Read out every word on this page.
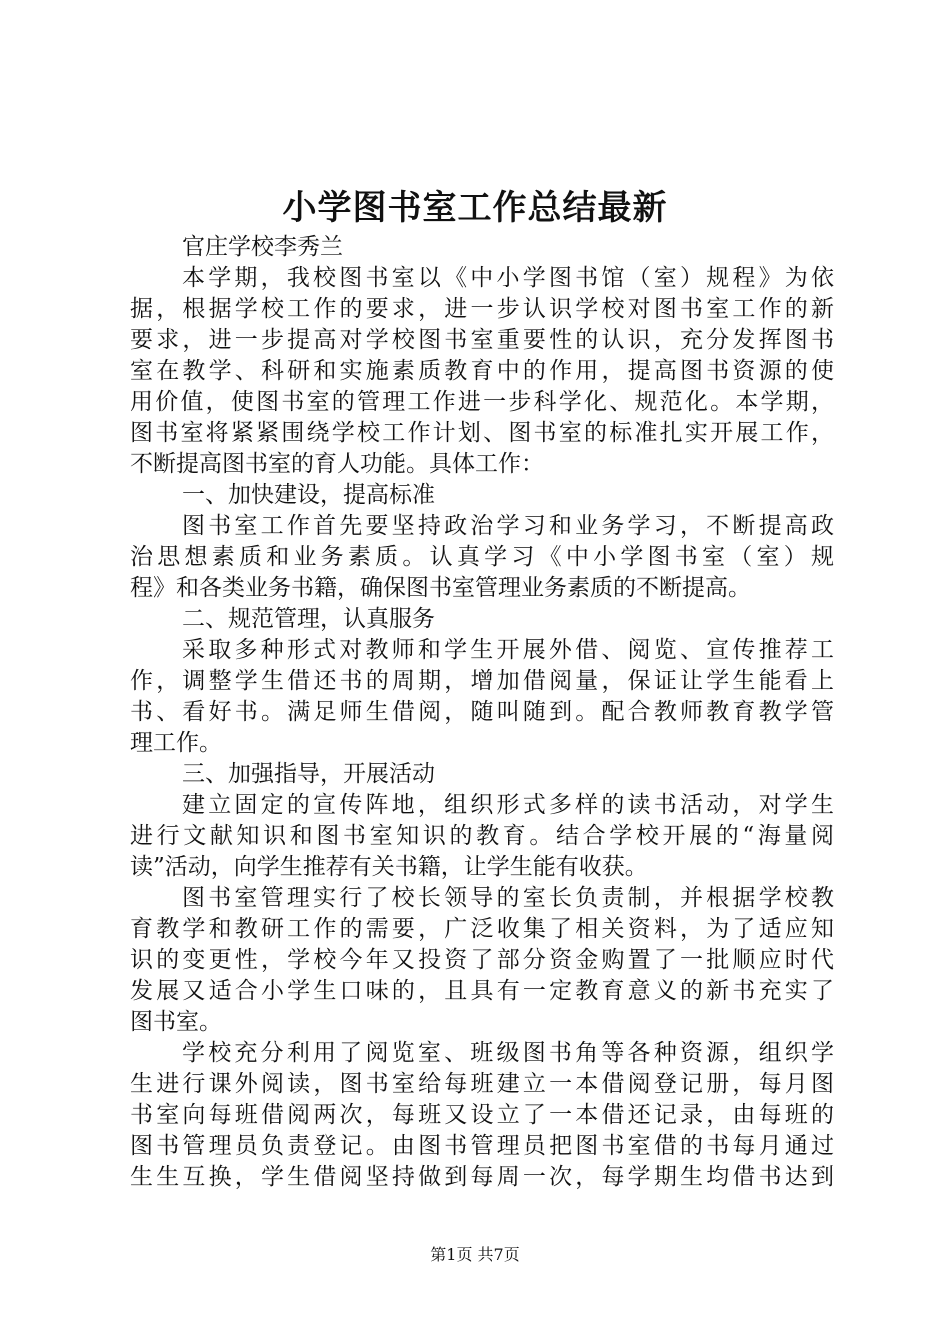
小学图书室工作总结最新
官庄学校李秀兰
本学期，我校图书室以《中小学图书馆（室）规程》为依
据，根据学校工作的要求，进一步认识学校对图书室工作的新
要求，进一步提高对学校图书室重要性的认识，充分发挥图书
室在教学、科研和实施素质教育中的作用，提高图书资源的使
用价值，使图书室的管理工作进一步科学化、规范化。本学期，
图书室将紧紧围绕学校工作计划、图书室的标准扎实开展工作，
不断提高图书室的育人功能。具体工作：
一、加快建设，提高标准
图书室工作首先要坚持政治学习和业务学习，不断提高政
治思想素质和业务素质。认真学习《中小学图书室（室）规
程》和各类业务书籍，确保图书室管理业务素质的不断提高。
二、规范管理，认真服务
采取多种形式对教师和学生开展外借、阅览、宣传推荐工
作，调整学生借还书的周期，增加借阅量，保证让学生能看上
书、看好书。满足师生借阅，随叫随到。配合教师教育教学管
理工作。
三、加强指导，开展活动
建立固定的宣传阵地，组织形式多样的读书活动，对学生
进行文献知识和图书室知识的教育。结合学校开展的“海量阅
读”活动，向学生推荐有关书籍，让学生能有收获。
图书室管理实行了校长领导的室长负责制，并根据学校教
育教学和教研工作的需要，广泛收集了相关资料，为了适应知
识的变更性，学校今年又投资了部分资金购置了一批顺应时代
发展又适合小学生口味的，且具有一定教育意义的新书充实了
图书室。
学校充分利用了阅览室、班级图书角等各种资源，组织学
生进行课外阅读，图书室给每班建立一本借阅登记册，每月图
书室向每班借阅两次，每班又设立了一本借还记录，由每班的
图书管理员负责登记。由图书管理员把图书室借的书每月通过
生生互换，学生借阅坚持做到每周一次，每学期生均借书达到
第1页 共7页
